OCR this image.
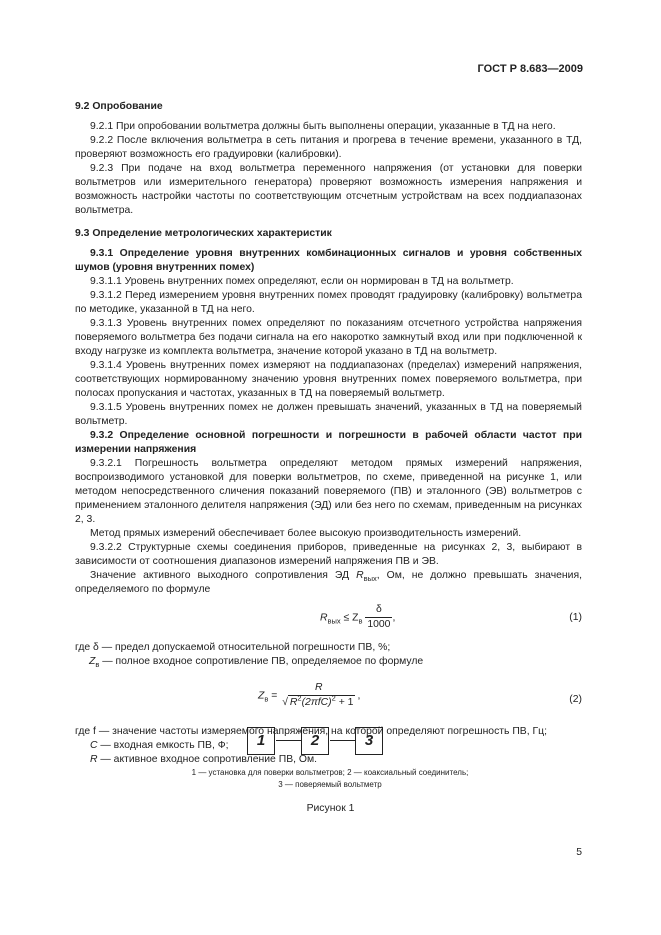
ГОСТ Р 8.683—2009

9.2 Опробование

9.2.1 При опробовании вольтметра должны быть выполнены операции, указанные в ТД на него.

9.2.2 После включения вольтметра в сеть питания и прогрева в течение времени, указанного в ТД, проверяют возможность его градуировки (калибровки).

9.2.3 При подаче на вход вольтметра переменного напряжения (от установки для поверки вольтметров или измерительного генератора) проверяют возможность измерения напряжения и возможность настройки частоты по соответствующим отсчетным устройствам на всех поддиапазонах вольтметра.

9.3 Определение метрологических характеристик

9.3.1 Определение уровня внутренних комбинационных сигналов и уровня собственных шумов (уровня внутренних помех)

9.3.1.1 Уровень внутренних помех определяют, если он нормирован в ТД на вольтметр.

9.3.1.2 Перед измерением уровня внутренних помех проводят градуировку (калибровку) вольтметра по методике, указанной в ТД на него.

9.3.1.3 Уровень внутренних помех определяют по показаниям отсчетного устройства напряжения поверяемого вольтметра без подачи сигнала на его накоротко замкнутый вход или при подключенной к входу нагрузке из комплекта вольтметра, значение которой указано в ТД на вольтметр.

9.3.1.4 Уровень внутренних помех измеряют на поддиапазонах (пределах) измерений напряжения, соответствующих нормированному значению уровня внутренних помех поверяемого вольтметра, при полосах пропускания и частотах, указанных в ТД на поверяемый вольтметр.

9.3.1.5 Уровень внутренних помех не должен превышать значений, указанных в ТД на поверяемый вольтметр.

9.3.2 Определение основной погрешности и погрешности в рабочей области частот при измерении напряжения

9.3.2.1 Погрешность вольтметра определяют методом прямых измерений напряжения, воспроизводимого установкой для поверки вольтметров, по схеме, приведенной на рисунке 1, или методом непосредственного сличения показаний поверяемого (ПВ) и эталонного (ЭВ) вольтметров с применением эталонного делителя напряжения (ЭД) или без него по схемам, приведенным на рисунках 2, 3.

Метод прямых измерений обеспечивает более высокую производительность измерений.

9.3.2.2 Структурные схемы соединения приборов, приведенные на рисунках 2, 3, выбирают в зависимости от соотношения диапазонов измерений напряжения ПВ и ЭВ.

Значение активного выходного сопротивления ЭД $R_{вых}$, Ом, не должно превышать значения, определяемого по формуле

$R_{вых} \le Z_в \frac{\delta}{1000}$ ,	(1)

где δ — предел допускаемой относительной погрешности ПВ, %;

$Z_в$ — полное входное сопротивление ПВ, определяемое по формуле

$Z_в$ =
R
√ $R^2(2\pi fC)^2 + 1$
,	(2)

где f — значение частоты измеряемого напряжения, на которой определяют погрешность ПВ, Гц;

C — входная емкость ПВ, Ф;

R — активное входное сопротивление ПВ, Ом.

1	2	3
1 — установка для поверки вольтметров; 2 — коаксиальный соединитель;
3 — поверяемый вольтметр
Рисунок 1
5
